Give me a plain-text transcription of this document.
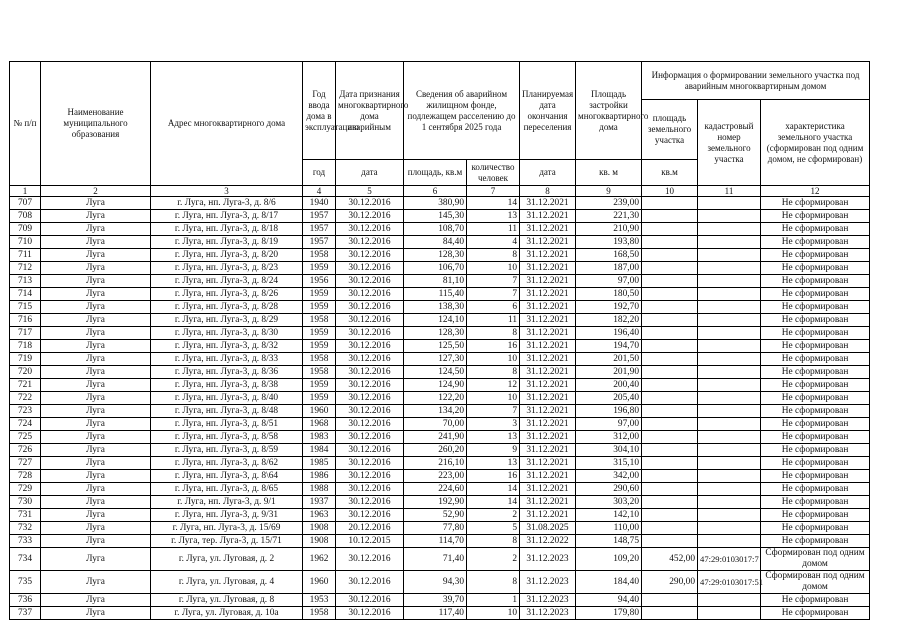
№ п/п	Наименование муниципального образования	Адрес многоквартирного дома	Год ввода дома в эксплуатацию	Дата признания многоквартирного дома аварийным	Сведения об аварийном жилищном фонде, подлежащем расселению до 1 сентября 2025 года		Планируемая дата окончания переселения	Площадь застройки многоквартирного дома	Информация о формировании земельного участка под аварийным многоквартирным домом		
									площадь земельного участка	кадастровый номер земельного участка	характеристика земельного участка (сформирован под одним домом, не сформирован)
			год	дата	площадь, кв.м	количество человек	дата	кв. м	кв.м		
1	2	3	4	5	6	7	8	9	10	11	12
707	Луга	г. Луга, нп. Луга-3, д. 8/6	1940	30.12.2016	380,90	14	31.12.2021	239,00			Не сформирован
708	Луга	г. Луга, нп. Луга-3, д. 8/17	1957	30.12.2016	145,30	13	31.12.2021	221,30			Не сформирован
709	Луга	г. Луга, нп. Луга-3, д. 8/18	1957	30.12.2016	108,70	11	31.12.2021	210,90			Не сформирован
710	Луга	г. Луга, нп. Луга-3, д. 8/19	1957	30.12.2016	84,40	4	31.12.2021	193,80			Не сформирован
711	Луга	г. Луга, нп. Луга-3, д. 8/20	1958	30.12.2016	128,30	8	31.12.2021	168,50			Не сформирован
712	Луга	г. Луга, нп. Луга-3, д. 8/23	1959	30.12.2016	106,70	10	31.12.2021	187,00			Не сформирован
713	Луга	г. Луга, нп. Луга-3, д. 8/24	1956	30.12.2016	81,10	7	31.12.2021	97,00			Не сформирован
714	Луга	г. Луга, нп. Луга-3, д. 8/26	1959	30.12.2016	115,40	7	31.12.2021	180,50			Не сформирован
715	Луга	г. Луга, нп. Луга-3, д. 8/28	1959	30.12.2016	138,30	6	31.12.2021	192,70			Не сформирован
716	Луга	г. Луга, нп. Луга-3, д. 8/29	1958	30.12.2016	124,10	11	31.12.2021	182,20			Не сформирован
717	Луга	г. Луга, нп. Луга-3, д. 8/30	1959	30.12.2016	128,30	8	31.12.2021	196,40			Не сформирован
718	Луга	г. Луга, нп. Луга-3, д. 8/32	1959	30.12.2016	125,50	16	31.12.2021	194,70			Не сформирован
719	Луга	г. Луга, нп. Луга-3, д. 8/33	1958	30.12.2016	127,30	10	31.12.2021	201,50			Не сформирован
720	Луга	г. Луга, нп. Луга-3, д. 8/36	1958	30.12.2016	124,50	8	31.12.2021	201,90			Не сформирован
721	Луга	г. Луга, нп. Луга-3, д. 8/38	1959	30.12.2016	124,90	12	31.12.2021	200,40			Не сформирован
722	Луга	г. Луга, нп. Луга-3, д. 8/40	1959	30.12.2016	122,20	10	31.12.2021	205,40			Не сформирован
723	Луга	г. Луга, нп. Луга-3, д. 8/48	1960	30.12.2016	134,20	7	31.12.2021	196,80			Не сформирован
724	Луга	г. Луга, нп. Луга-3, д. 8/51	1968	30.12.2016	70,00	3	31.12.2021	97,00			Не сформирован
725	Луга	г. Луга, нп. Луга-3, д. 8/58	1983	30.12.2016	241,90	13	31.12.2021	312,00			Не сформирован
726	Луга	г. Луга, нп. Луга-3, д. 8/59	1984	30.12.2016	260,20	9	31.12.2021	304,10			Не сформирован
727	Луга	г. Луга, нп. Луга-3, д. 8/62	1985	30.12.2016	216,10	13	31.12.2021	315,10			Не сформирован
728	Луга	г. Луга, нп. Луга-3, д. 8\64	1986	30.12.2016	223,00	16	31.12.2021	342,00			Не сформирован
729	Луга	г. Луга, нп. Луга-3, д. 8/65	1988	30.12.2016	224,60	14	31.12.2021	290,60			Не сформирован
730	Луга	г. Луга, нп. Луга-3, д. 9/1	1937	30.12.2016	192,90	14	31.12.2021	303,20			Не сформирован
731	Луга	г. Луга, нп. Луга-3, д. 9/31	1963	30.12.2016	52,90	2	31.12.2021	142,10			Не сформирован
732	Луга	г. Луга, нп. Луга-3, д. 15/69	1908	20.12.2016	77,80	5	31.08.2025	110,00			Не сформирован
733	Луга	г. Луга, тер. Луга-3, д. 15/71	1908	10.12.2015	114,70	8	31.12.2022	148,75			Не сформирован
734	Луга	г. Луга, ул. Луговая, д. 2	1962	30.12.2016	71,40	2	31.12.2023	109,20	452,00	47:29:0103017:7	Сформирован под одним домом
735	Луга	г. Луга, ул. Луговая, д. 4	1960	30.12.2016	94,30	8	31.12.2023	184,40	290,00	47:29:0103017:51	Сформирован под одним домом
736	Луга	г. Луга, ул. Луговая, д. 8	1953	30.12.2016	39,70	1	31.12.2023	94,40			Не сформирован
737	Луга	г. Луга, ул. Луговая, д. 10а	1958	30.12.2016	117,40	10	31.12.2023	179,80			Не сформирован
